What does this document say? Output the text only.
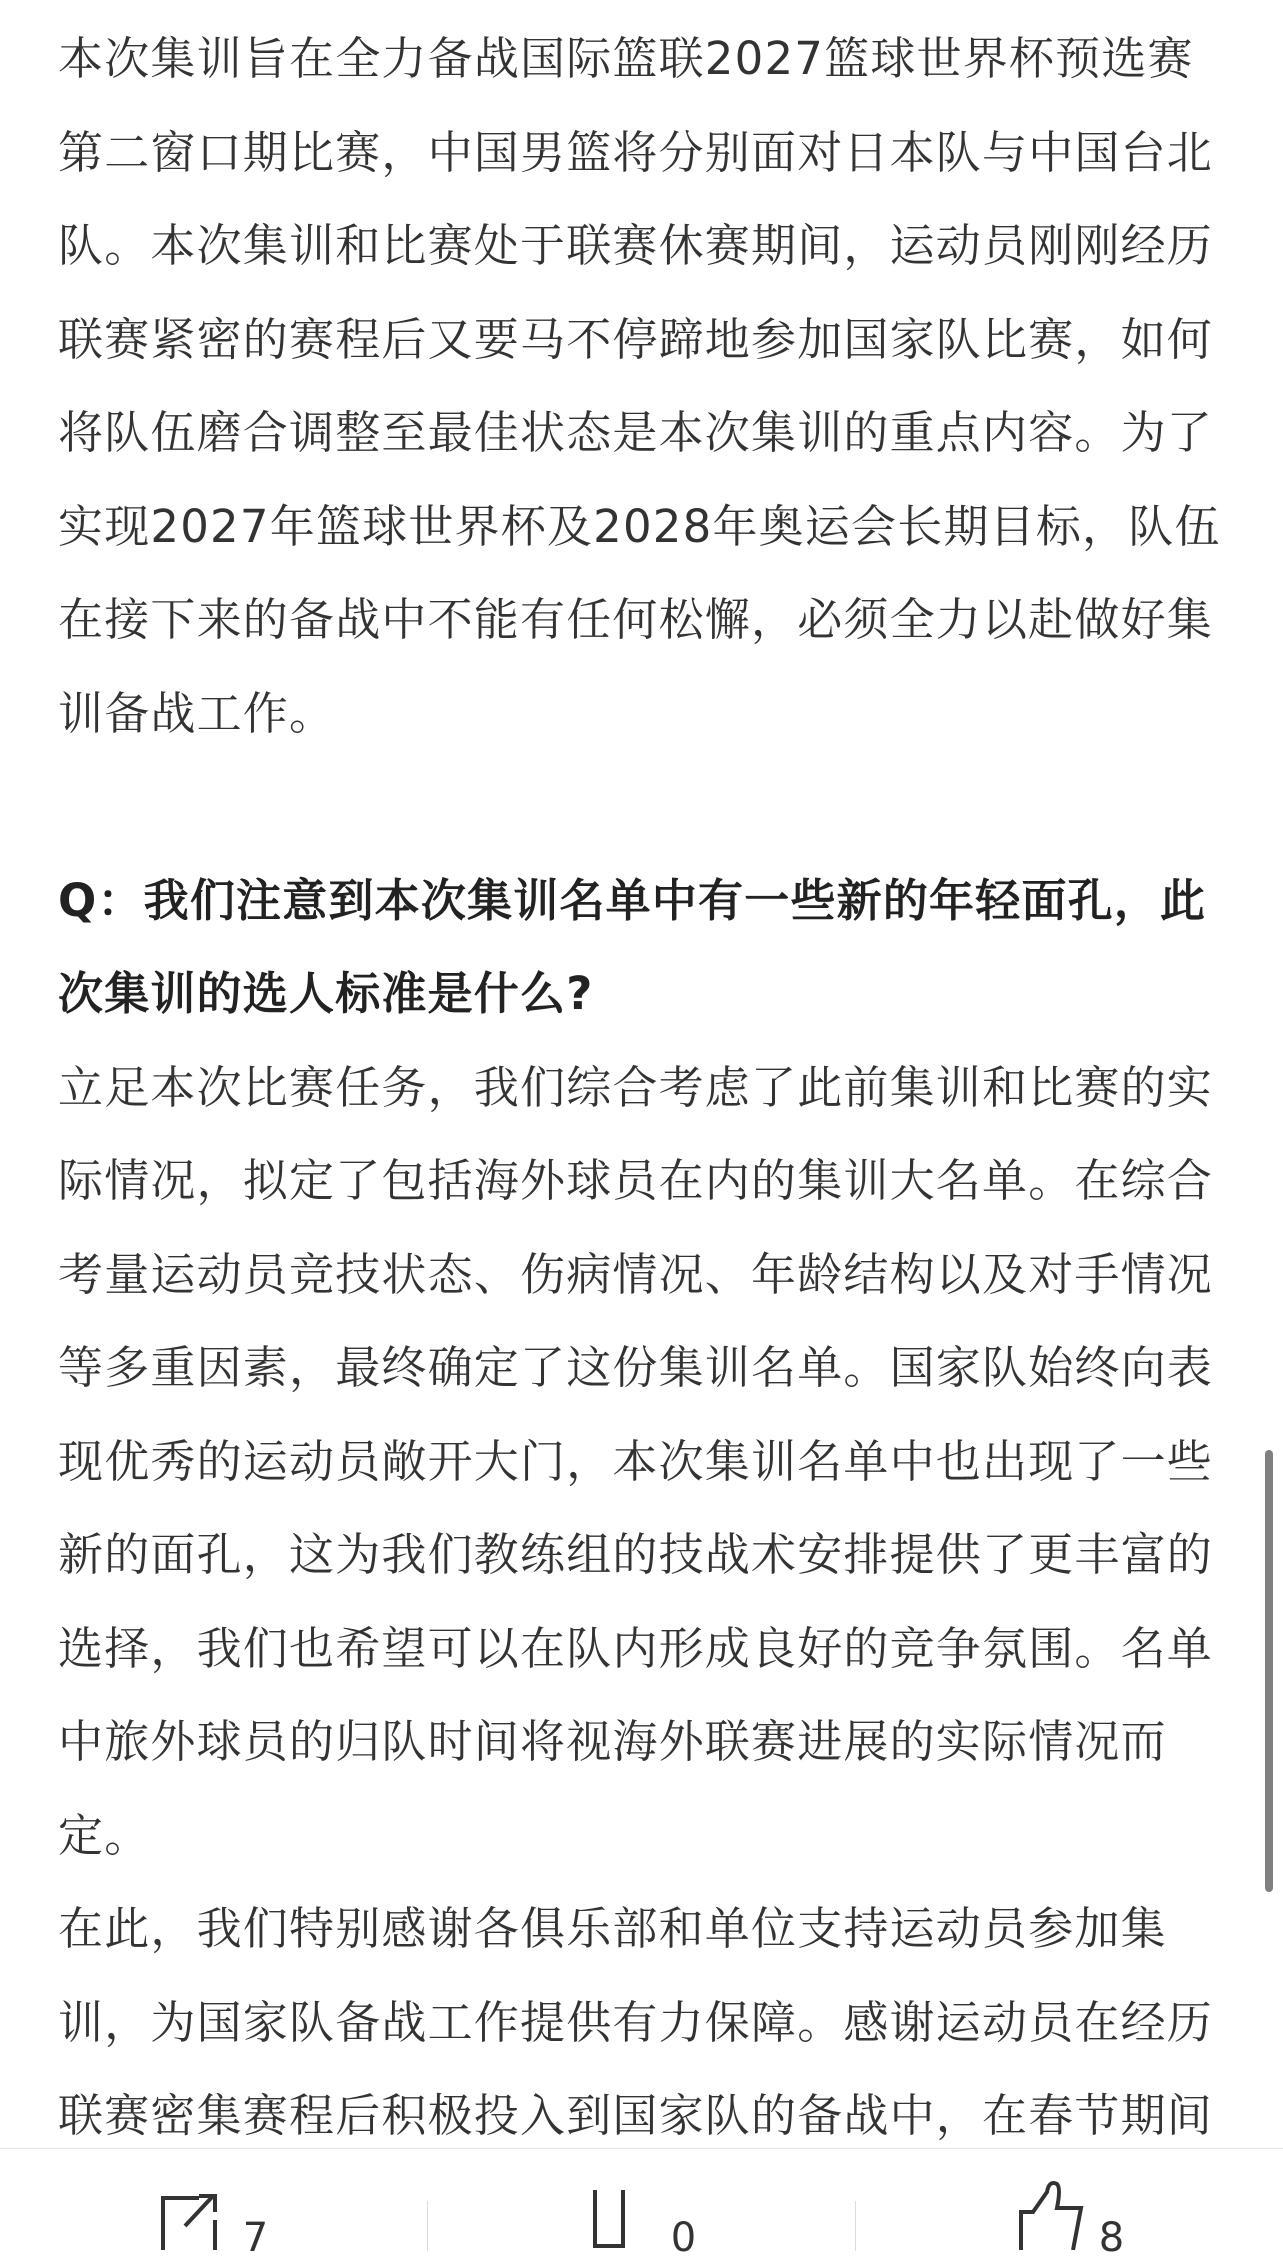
本次集训旨在全力备战国际篮联2027篮球世界杯预选赛
第二窗口期比赛，中国男篮将分别面对日本队与中国台北
队。本次集训和比赛处于联赛休赛期间，运动员刚刚经历
联赛紧密的赛程后又要马不停蹄地参加国家队比赛，如何
将队伍磨合调整至最佳状态是本次集训的重点内容。为了
实现2027年篮球世界杯及2028年奥运会长期目标，队伍
在接下来的备战中不能有任何松懈，必须全力以赴做好集
训备战工作。
Q：我们注意到本次集训名单中有一些新的年轻面孔，此
次集训的选人标准是什么?
立足本次比赛任务，我们综合考虑了此前集训和比赛的实
际情况，拟定了包括海外球员在内的集训大名单。在综合
考量运动员竞技状态、伤病情况、年龄结构以及对手情况
等多重因素，最终确定了这份集训名单。国家队始终向表
现优秀的运动员敞开大门，本次集训名单中也出现了一些
新的面孔，这为我们教练组的技战术安排提供了更丰富的
选择，我们也希望可以在队内形成良好的竞争氛围。名单
中旅外球员的归队时间将视海外联赛进展的实际情况而
定。
在此，我们特别感谢各俱乐部和单位支持运动员参加集
训，为国家队备战工作提供有力保障。感谢运动员在经历
联赛密集赛程后积极投入到国家队的备战中，在春节期间
7	0	8
